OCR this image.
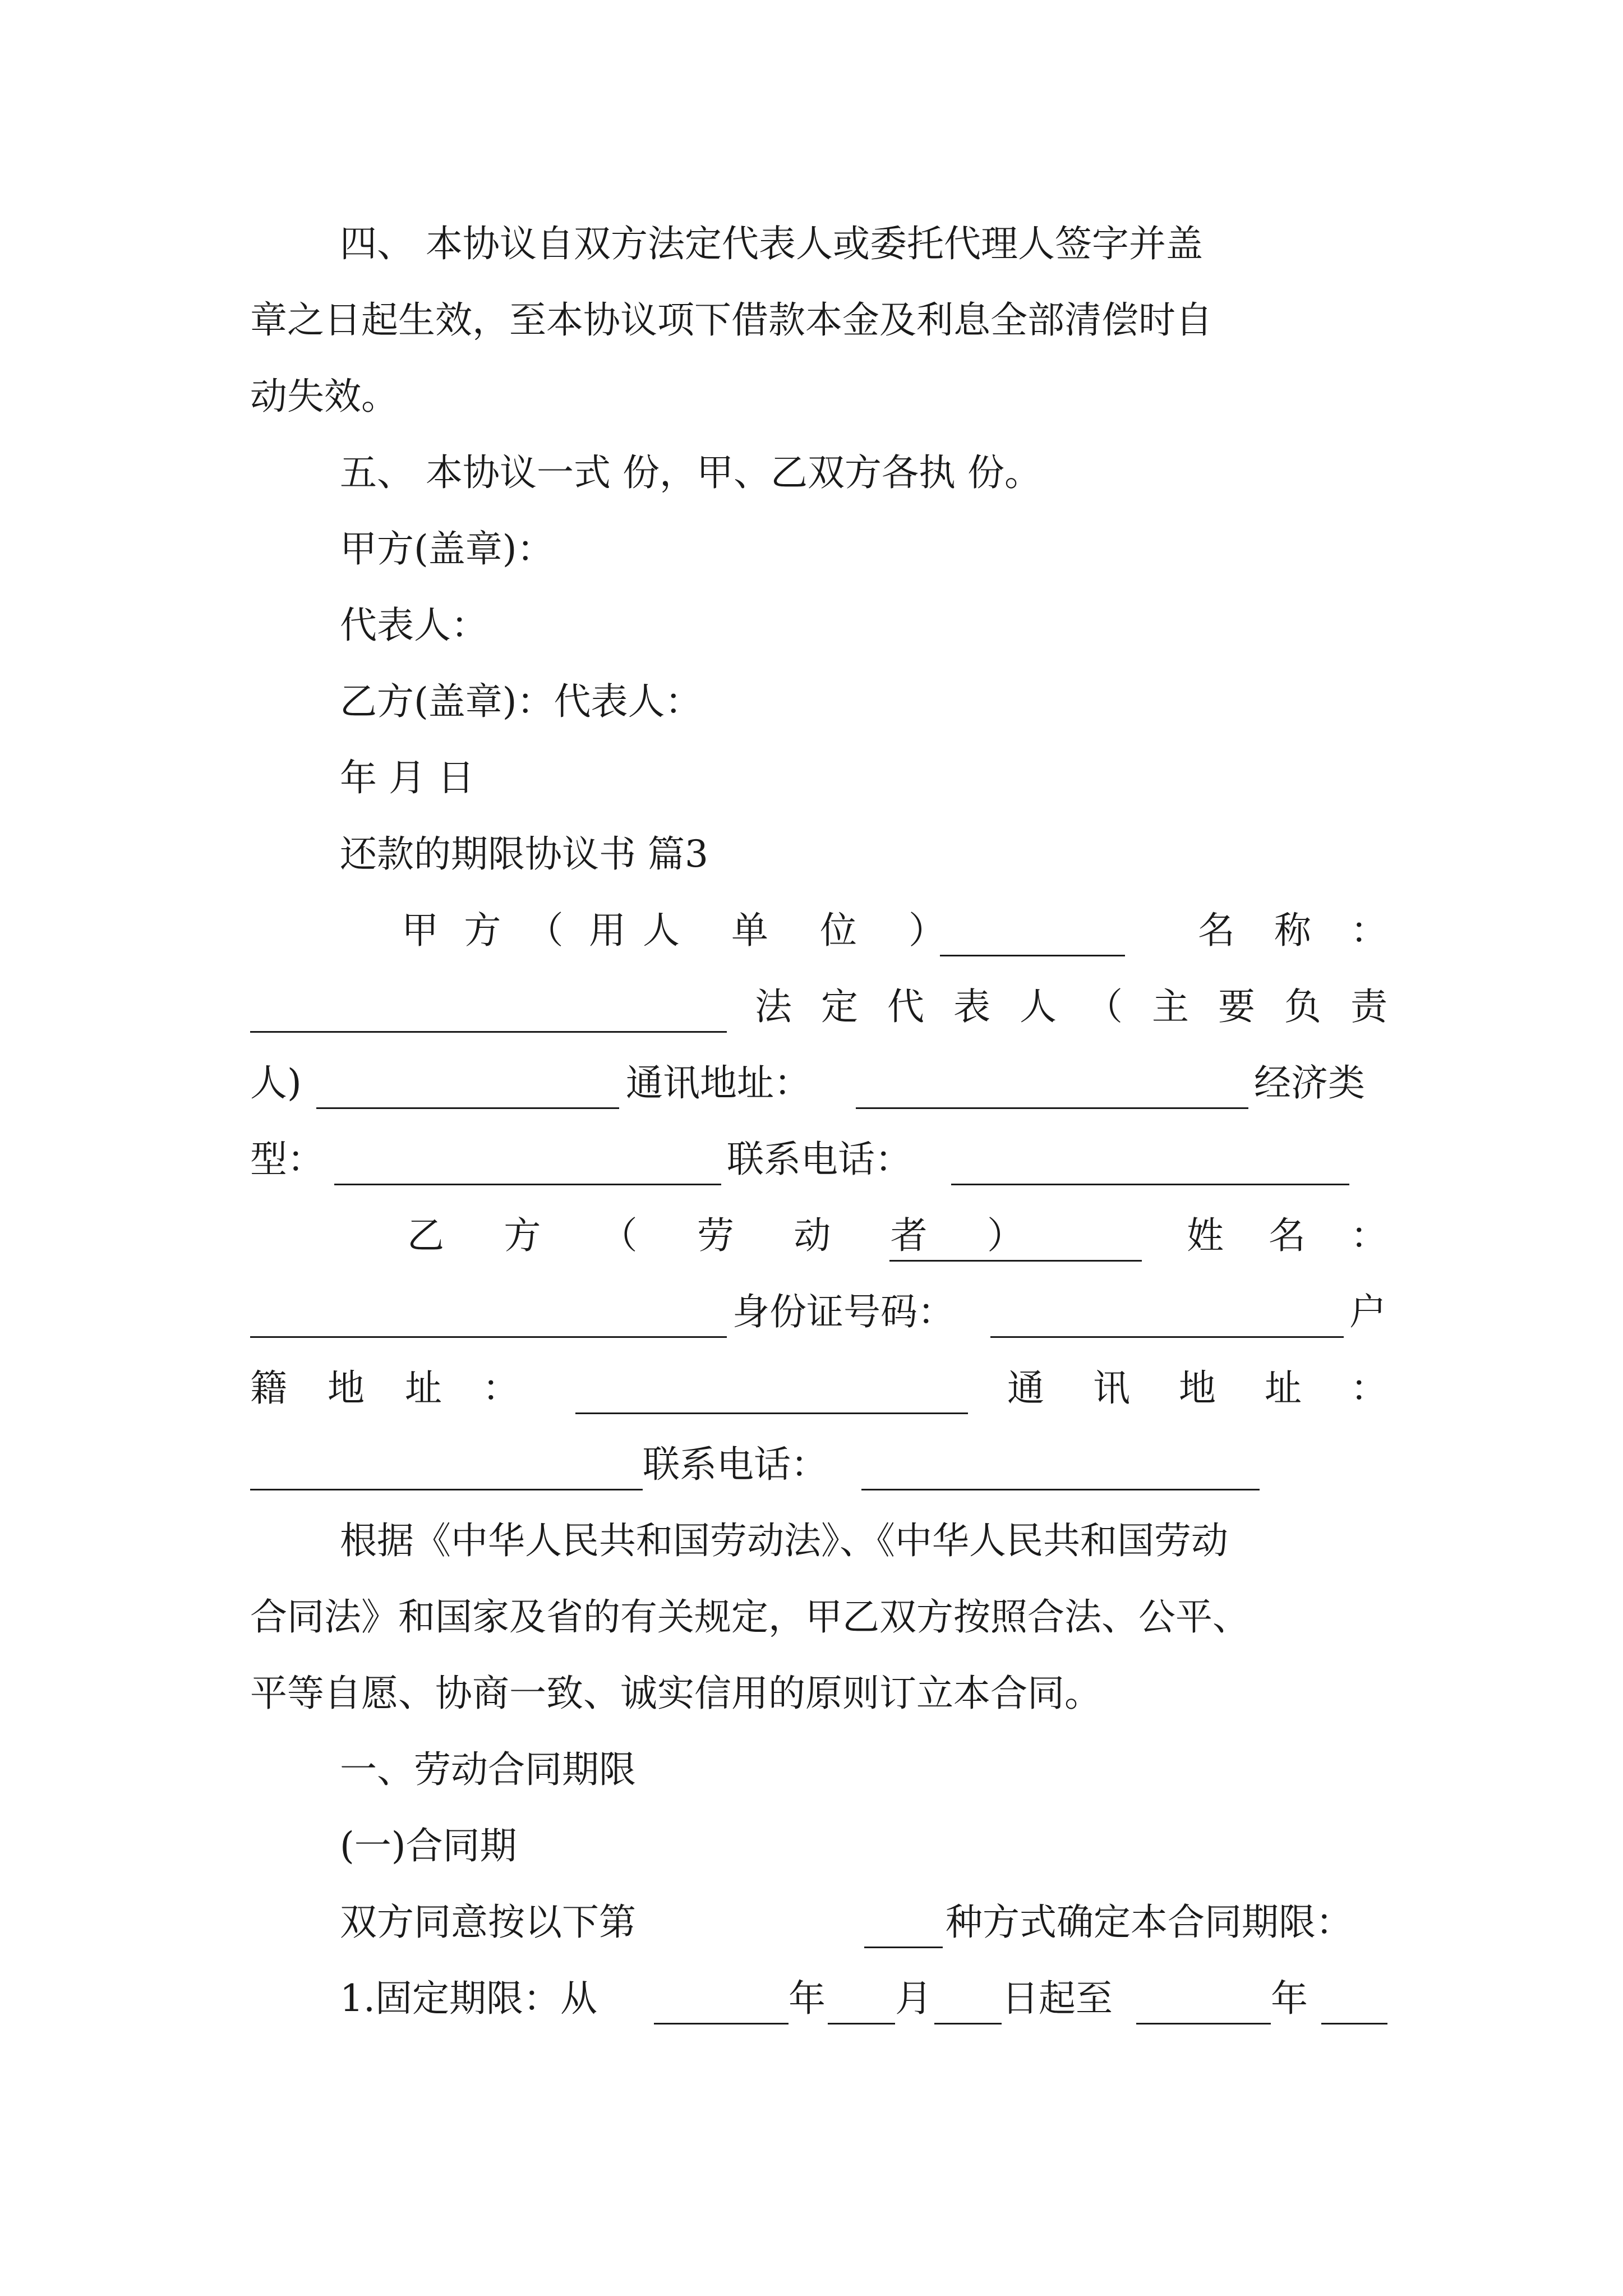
四、 本协议自双方法定代表人或委托代理人签字并盖
章之日起生效，至本协议项下借款本金及利息全部清偿时自
动失效。
五、 本协议一式 份，甲、乙双方各执 份。
甲方(盖章)：
代表人：
乙方(盖章)：代表人：
年 月 日
还款的期限协议书 篇3
甲 方 （ 用 人 单 位 ）	名 称 ：
法 定 代 表 人 （ 主 要 负 责
人)	通讯地址：	经济类
型：	联系电话：
乙 方 （ 劳 动 者 ）	姓 名 ：
身份证号码：	户
籍 地 址 ：	通 讯 地 址 ：
联系电话：
根据《中华人民共和国劳动法》、《中华人民共和国劳动
合同法》和国家及省的有关规定，甲乙双方按照合法、公平、
平等自愿、协商一致、诚实信用的原则订立本合同。
一、劳动合同期限
(一)合同期
双方同意按以下第	种方式确定本合同期限：
1.固定期限：从	年 月 日起至	年
